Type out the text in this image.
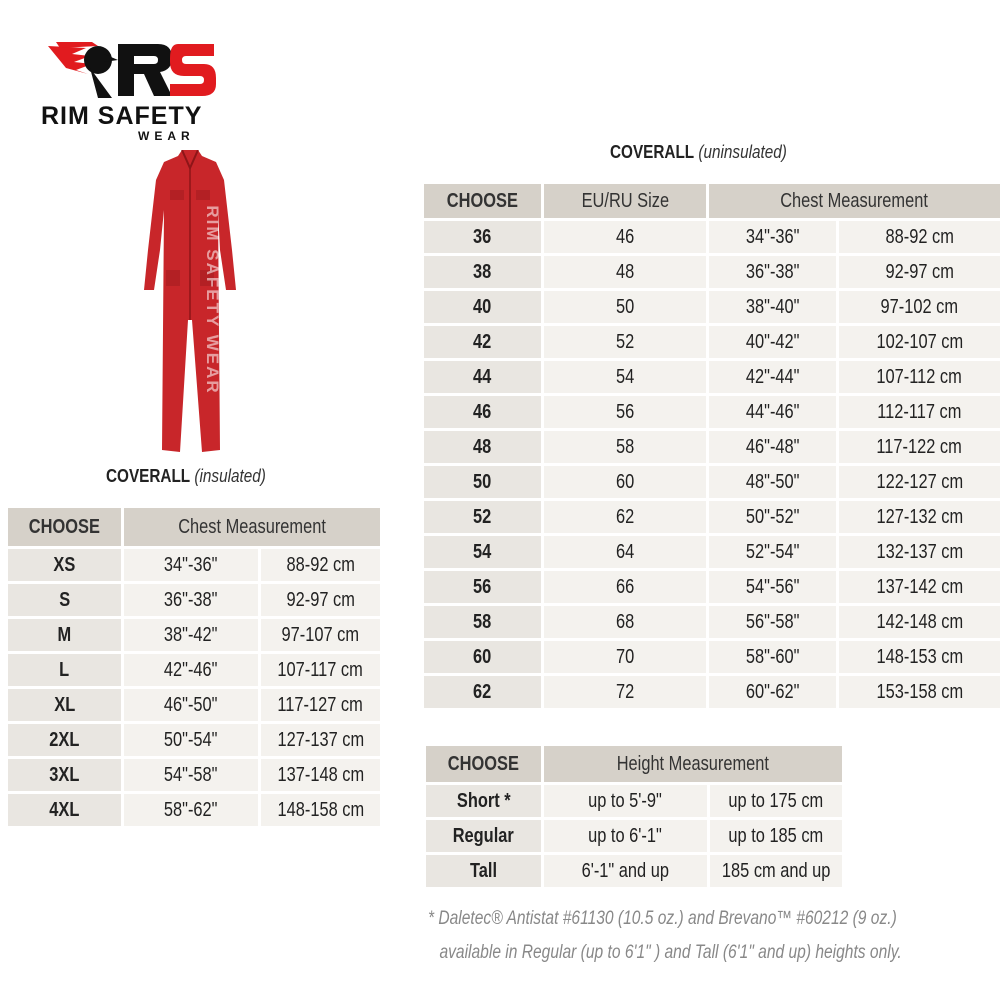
RIM SAFETY
WEAR
RIM SAFETY WEAR
COVERALL (insulated)
CHOOSE	Chest Measurement	
XS	34"-36"	88-92 cm
S	36"-38"	92-97 cm
M	38"-42"	97-107 cm
L	42"-46"	107-117 cm
XL	46"-50"	117-127 cm
2XL	50"-54"	127-137 cm
3XL	54"-58"	137-148 cm
4XL	58"-62"	148-158 cm
COVERALL (uninsulated)
CHOOSE	EU/RU Size	Chest Measurement	
36	46	34"-36"	88-92 cm
38	48	36"-38"	92-97 cm
40	50	38"-40"	97-102 cm
42	52	40"-42"	102-107 cm
44	54	42"-44"	107-112 cm
46	56	44"-46"	112-117 cm
48	58	46"-48"	117-122 cm
50	60	48"-50"	122-127 cm
52	62	50"-52"	127-132 cm
54	64	52"-54"	132-137 cm
56	66	54"-56"	137-142 cm
58	68	56"-58"	142-148 cm
60	70	58"-60"	148-153 cm
62	72	60"-62"	153-158 cm
CHOOSE	Height Measurement	
Short *	up to 5'-9"	up to 175 cm
Regular	up to 6'-1"	up to 185 cm
Tall	6'-1" and up	185 cm and up
* Daletec® Antistat #61130 (10.5 oz.) and Brevano™ #60212 (9 oz.)
available in Regular (up to 6'1" ) and Tall (6'1" and up) heights only.
